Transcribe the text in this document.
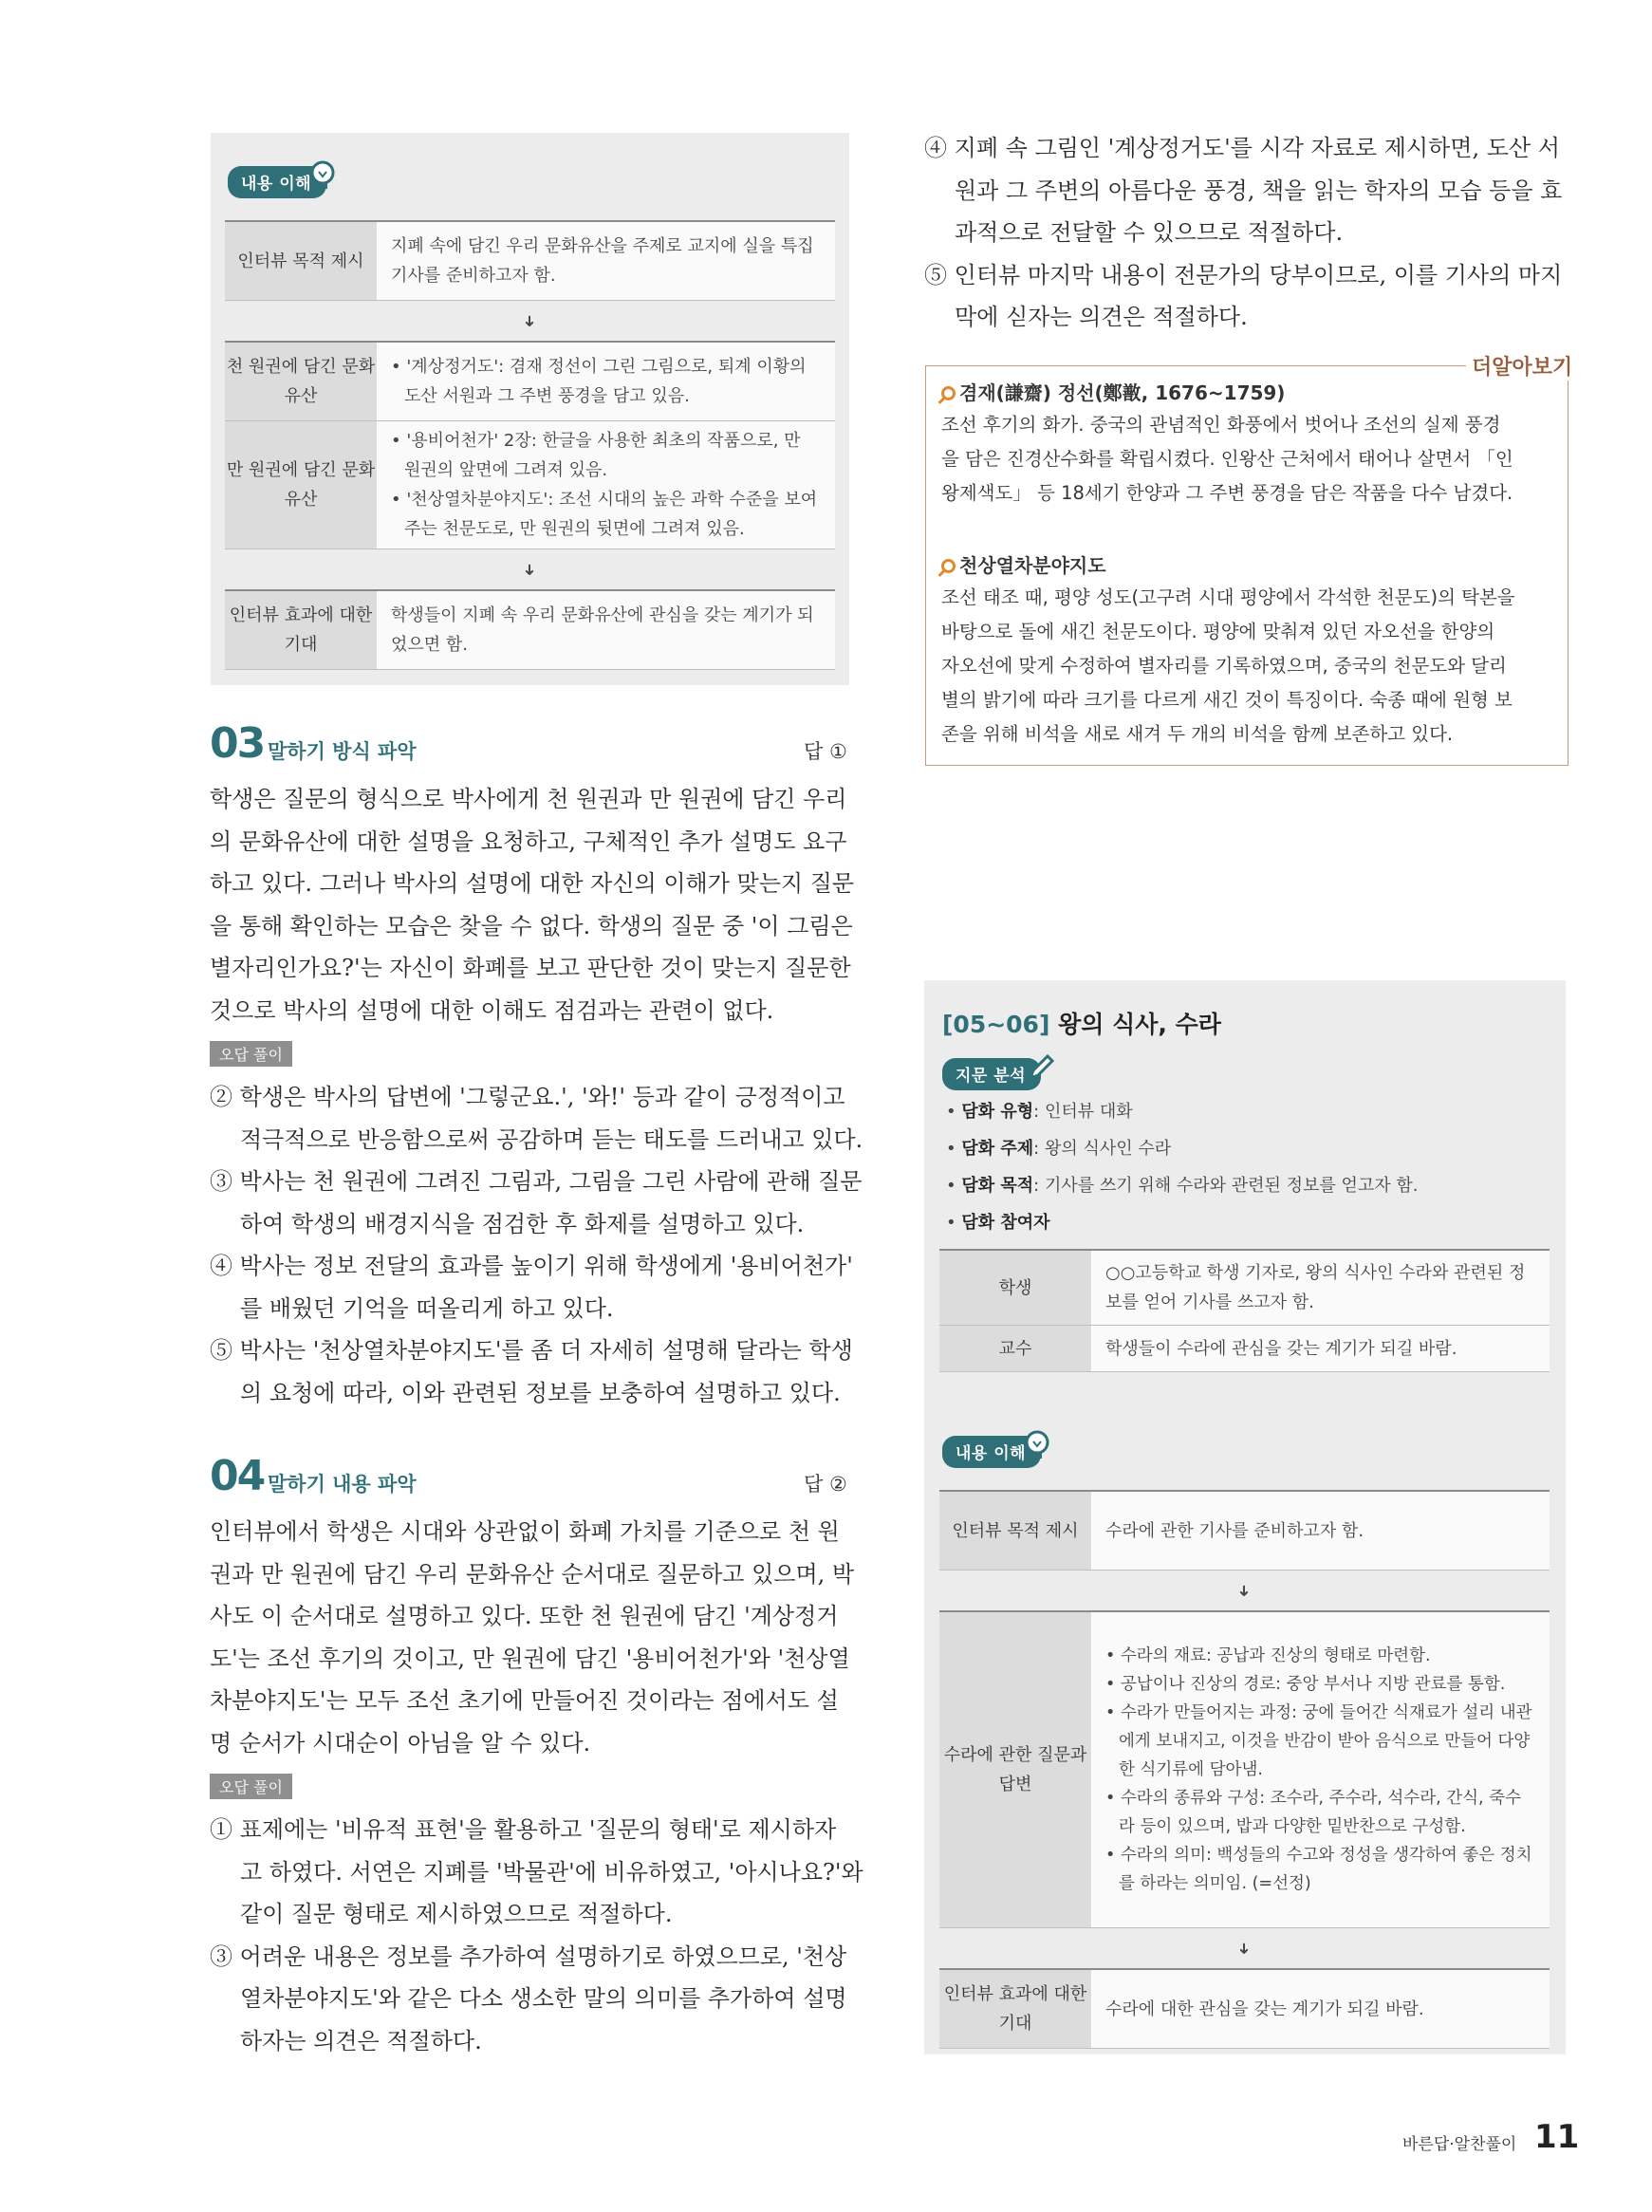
내용 이해
인터뷰 목적 제시	지폐 속에 담긴 우리 문화유산을 주제로 교지에 실을 특집 기사를 준비하고자 함.
➜	
천 원권에 담긴 문화유산	• '계상정거도': 겸재 정선이 그린 그림으로, 퇴계 이황의 도산 서원과 그 주변 풍경을 담고 있음.

만 원권에 담긴 문화유산	• '용비어천가' 2장: 한글을 사용한 최초의 작품으로, 만 원권의 앞면에 그려져 있음.
• '천상열차분야지도': 조선 시대의 높은 과학 수준을 보여 주는 천문도로, 만 원권의 뒷면에 그려져 있음.

➜	
인터뷰 효과에 대한 기대	학생들이 지폐 속 우리 문화유산에 관심을 갖는 계기가 되었으면 함.
03 말하기 방식 파악	답 ①
학생은 질문의 형식으로 박사에게 천 원권과 만 원권에 담긴 우리
의 문화유산에 대한 설명을 요청하고, 구체적인 추가 설명도 요구
하고 있다. 그러나 박사의 설명에 대한 자신의 이해가 맞는지 질문
을 통해 확인하는 모습은 찾을 수 없다. 학생의 질문 중 '이 그림은
별자리인가요?'는 자신이 화폐를 보고 판단한 것이 맞는지 질문한
것으로 박사의 설명에 대한 이해도 점검과는 관련이 없다.
오답 풀이
② 학생은 박사의 답변에 '그렇군요.', '와!' 등과 같이 긍정적이고
적극적으로 반응함으로써 공감하며 듣는 태도를 드러내고 있다.
③ 박사는 천 원권에 그려진 그림과, 그림을 그린 사람에 관해 질문
하여 학생의 배경지식을 점검한 후 화제를 설명하고 있다.
④ 박사는 정보 전달의 효과를 높이기 위해 학생에게 '용비어천가'
를 배웠던 기억을 떠올리게 하고 있다.
⑤ 박사는 '천상열차분야지도'를 좀 더 자세히 설명해 달라는 학생
의 요청에 따라, 이와 관련된 정보를 보충하여 설명하고 있다.
04 말하기 내용 파악	답 ②
인터뷰에서 학생은 시대와 상관없이 화폐 가치를 기준으로 천 원
권과 만 원권에 담긴 우리 문화유산 순서대로 질문하고 있으며, 박
사도 이 순서대로 설명하고 있다. 또한 천 원권에 담긴 '계상정거
도'는 조선 후기의 것이고, 만 원권에 담긴 '용비어천가'와 '천상열
차분야지도'는 모두 조선 초기에 만들어진 것이라는 점에서도 설
명 순서가 시대순이 아님을 알 수 있다.
오답 풀이
① 표제에는 '비유적 표현'을 활용하고 '질문의 형태'로 제시하자
고 하였다. 서연은 지폐를 '박물관'에 비유하였고, '아시나요?'와
같이 질문 형태로 제시하였으므로 적절하다.
③ 어려운 내용은 정보를 추가하여 설명하기로 하였으므로, '천상
열차분야지도'와 같은 다소 생소한 말의 의미를 추가하여 설명
하자는 의견은 적절하다.
④ 지폐 속 그림인 '계상정거도'를 시각 자료로 제시하면, 도산 서
원과 그 주변의 아름다운 풍경, 책을 읽는 학자의 모습 등을 효
과적으로 전달할 수 있으므로 적절하다.
⑤ 인터뷰 마지막 내용이 전문가의 당부이므로, 이를 기사의 마지
막에 싣자는 의견은 적절하다.
더알아보기
겸재(謙齋) 정선(鄭敾, 1676~1759)
조선 후기의 화가. 중국의 관념적인 화풍에서 벗어나 조선의 실제 풍경
을 담은 진경산수화를 확립시켰다. 인왕산 근처에서 태어나 살면서 「인
왕제색도」 등 18세기 한양과 그 주변 풍경을 담은 작품을 다수 남겼다.
천상열차분야지도
조선 태조 때, 평양 성도(고구려 시대 평양에서 각석한 천문도)의 탁본을
바탕으로 돌에 새긴 천문도이다. 평양에 맞춰져 있던 자오선을 한양의
자오선에 맞게 수정하여 별자리를 기록하였으며, 중국의 천문도와 달리
별의 밝기에 따라 크기를 다르게 새긴 것이 특징이다. 숙종 때에 원형 보
존을 위해 비석을 새로 새겨 두 개의 비석을 함께 보존하고 있다.
[05~06] 왕의 식사, 수라
지문 분석
• 담화 유형: 인터뷰 대화
• 담화 주제: 왕의 식사인 수라
• 담화 목적: 기사를 쓰기 위해 수라와 관련된 정보를 얻고자 함.
• 담화 참여자
학생	○○고등학교 학생 기자로, 왕의 식사인 수라와 관련된 정보를 얻어 기사를 쓰고자 함.
교수	학생들이 수라에 관심을 갖는 계기가 되길 바람.
내용 이해
인터뷰 목적 제시	수라에 관한 기사를 준비하고자 함.
➜	
수라에 관한 질문과 답변	• 수라의 재료: 공납과 진상의 형태로 마련함.
• 공납이나 진상의 경로: 중앙 부서나 지방 관료를 통함.
• 수라가 만들어지는 과정: 궁에 들어간 식재료가 설리 내관에게 보내지고, 이것을 반감이 받아 음식으로 만들어 다양한 식기류에 담아냄.
• 수라의 종류와 구성: 조수라, 주수라, 석수라, 간식, 죽수라 등이 있으며, 밥과 다양한 밑반찬으로 구성함.
• 수라의 의미: 백성들의 수고와 정성을 생각하여 좋은 정치를 하라는 의미임. (=선정)

➜	
인터뷰 효과에 대한 기대	수라에 대한 관심을 갖는 계기가 되길 바람.
바른답·알찬풀이 11
